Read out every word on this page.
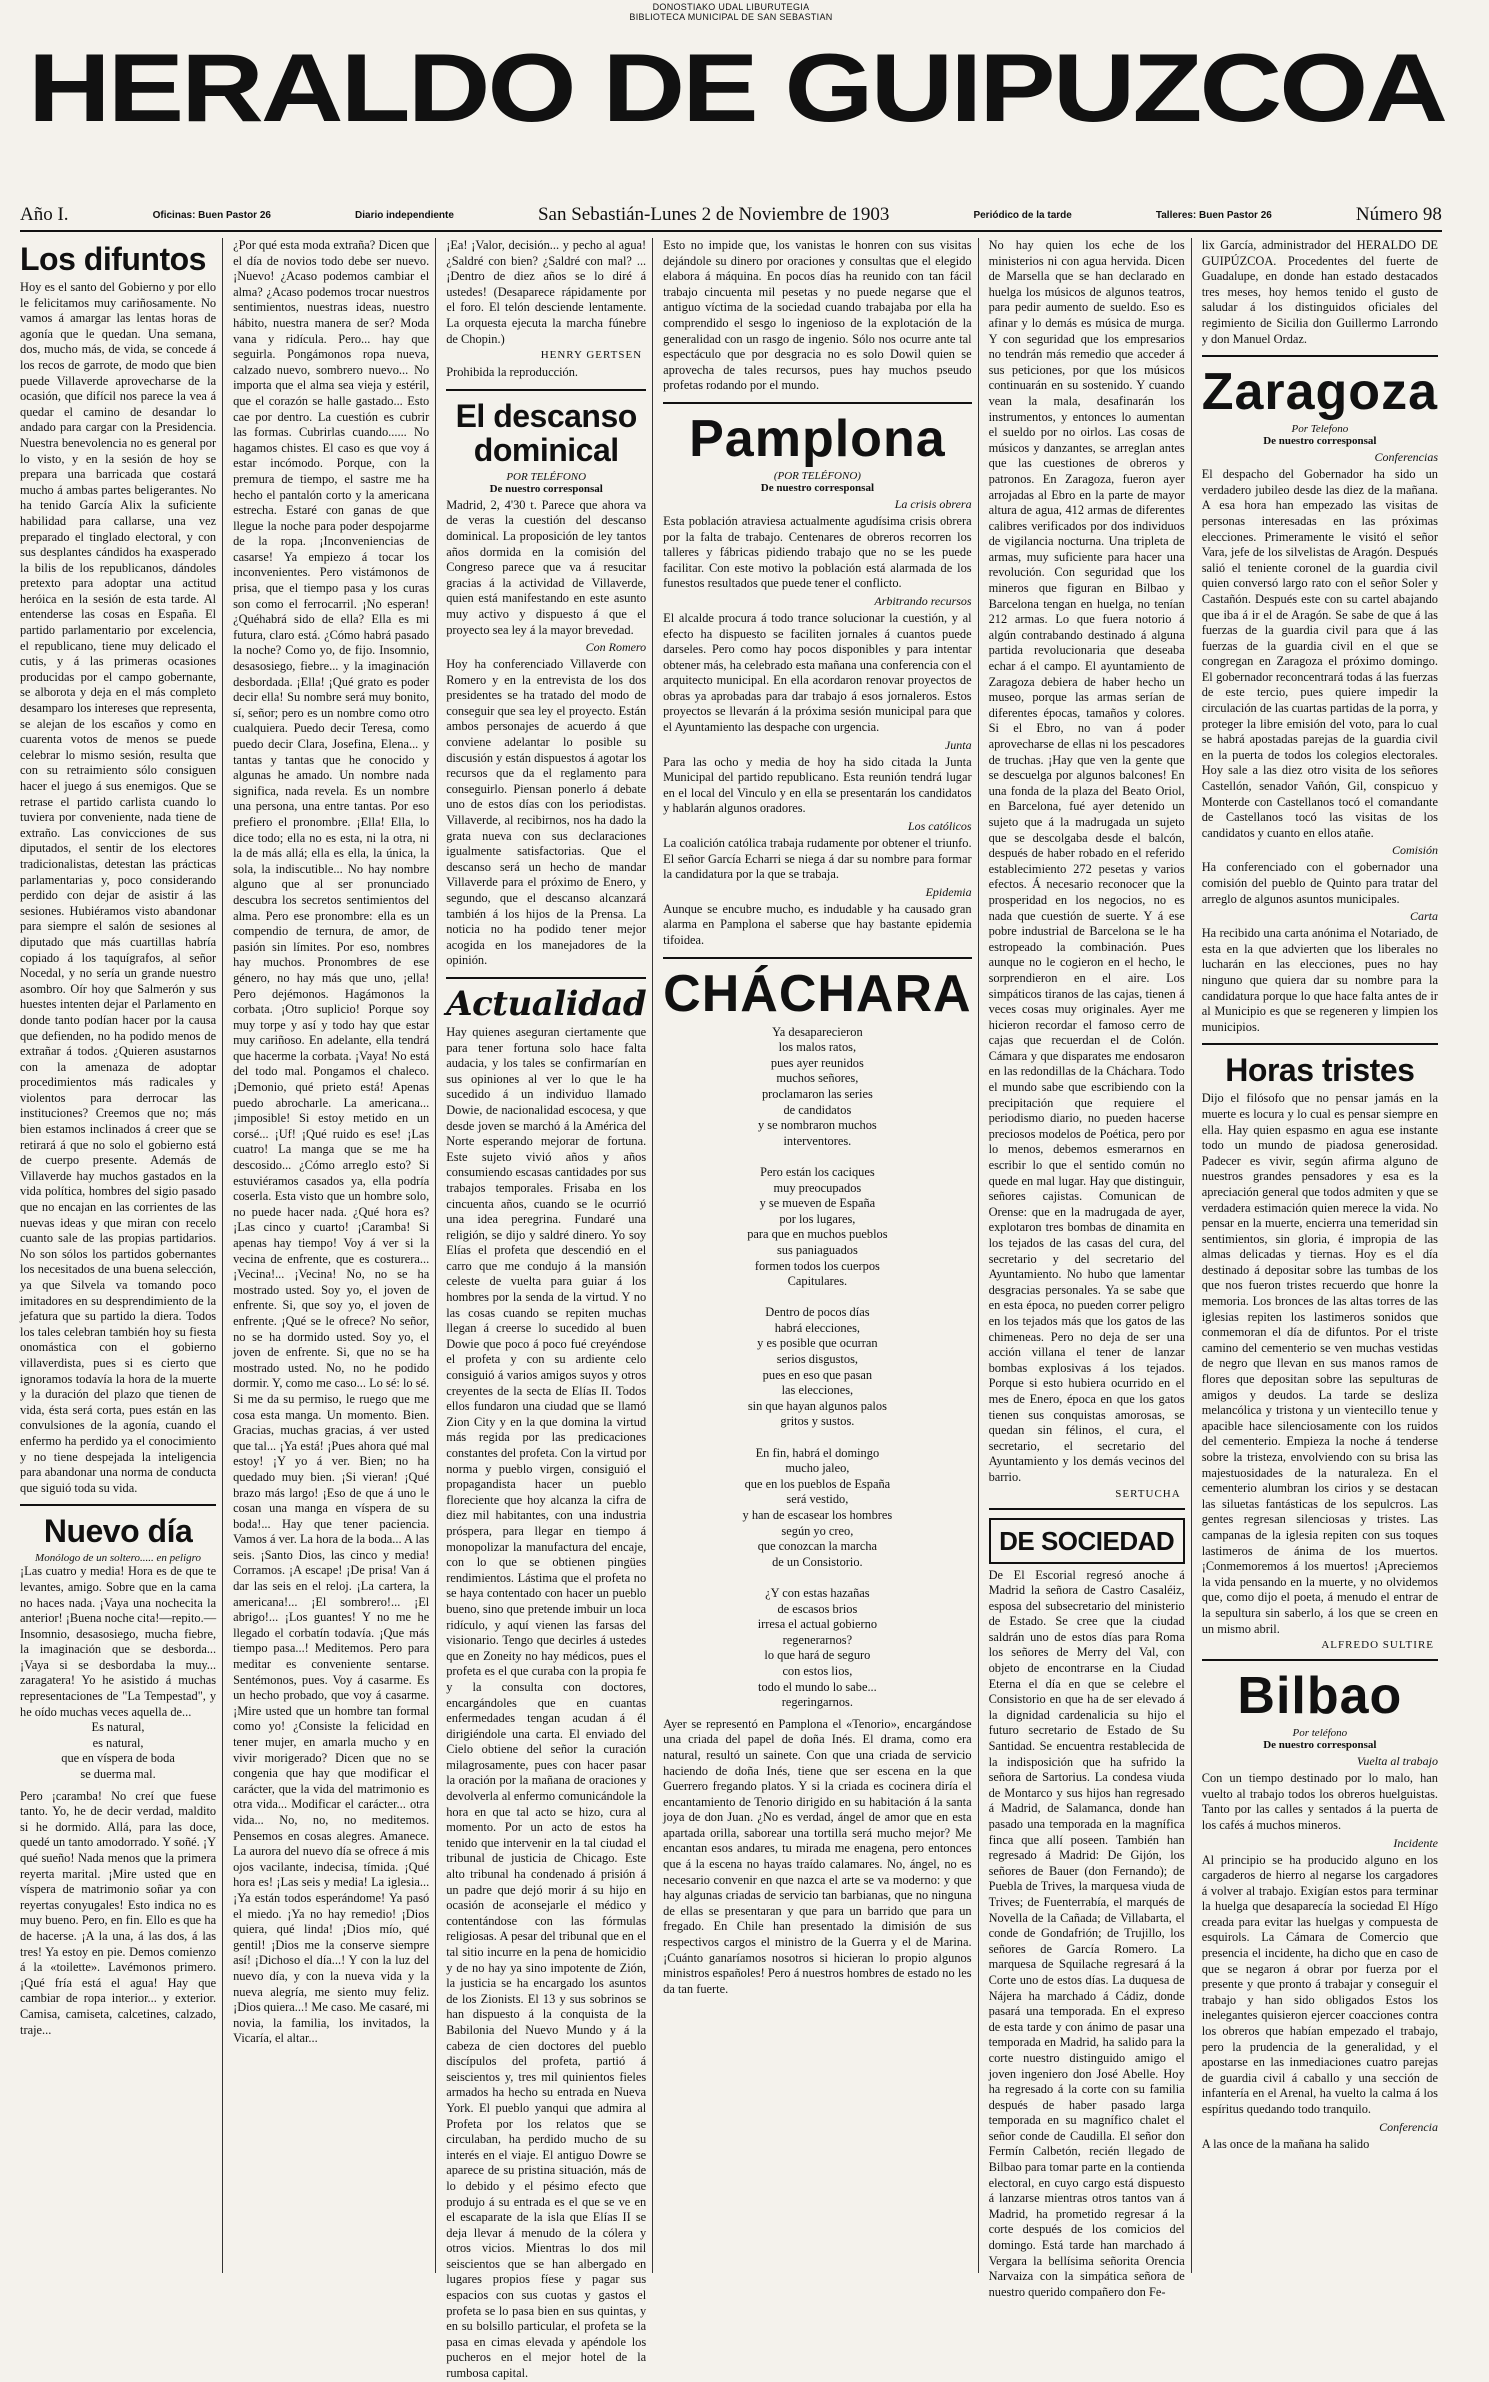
DONOSTIAKO UDAL LIBURUTEGIA
BIBLIOTECA MUNICIPAL DE SAN SEBASTIAN
HERALDO DE GUIPUZCOA
Año I.	Oficinas: Buen Pastor 26	Diario independiente	San Sebastián-Lunes 2 de Noviembre de 1903	Periódico de la tarde	Talleres: Buen Pastor 26	Número 98
Los difuntos
Hoy es el santo del Gobierno y por ello le felicitamos muy cariñosamente. No vamos á amargar las lentas horas de agonía que le quedan. Una semana, dos, mucho más, de vida, se concede á los recos de garrote, de modo que bien puede Villaverde aprovecharse de la ocasión, que difícil nos parece la vea á quedar el camino de desandar lo andado para cargar con la Presidencia. Nuestra benevolencia no es general por lo visto, y en la sesión de hoy se prepara una barricada que costará mucho á ambas partes beligerantes. No ha tenido García Alix la suficiente habilidad para callarse, una vez preparado el tinglado electoral, y con sus desplantes cándidos ha exasperado la bilis de los republicanos, dándoles pretexto para adoptar una actitud heróica en la sesión de esta tarde. Al entenderse las cosas en España. El partido parlamentario por excelencia, el republicano, tiene muy delicado el cutis, y á las primeras ocasiones producidas por el campo gobernante, se alborota y deja en el más completo desamparo los intereses que representa, se alejan de los escaños y como en cuarenta votos de menos se puede celebrar lo mismo sesión, resulta que con su retraimiento sólo consiguen hacer el juego á sus enemigos. Que se retrase el partido carlista cuando lo tuviera por conveniente, nada tiene de extraño. Las convicciones de sus diputados, el sentir de los electores tradicionalistas, detestan las prácticas parlamentarias y, poco considerando perdido con dejar de asistir á las sesiones. Hubiéramos visto abandonar para siempre el salón de sesiones al diputado que más cuartillas habría copiado á los taquígrafos, al señor Nocedal, y no sería un grande nuestro asombro. Oír hoy que Salmerón y sus huestes intenten dejar el Parlamento en donde tanto podían hacer por la causa que defienden, no ha podido menos de extrañar á todos. ¿Quieren asustarnos con la amenaza de adoptar procedimientos más radicales y violentos para derrocar las instituciones? Creemos que no; más bien estamos inclinados á creer que se retirará á que no solo el gobierno está de cuerpo presente. Además de Villaverde hay muchos gastados en la vida política, hombres del sigio pasado que no encajan en las corrientes de las nuevas ideas y que miran con recelo cuanto sale de las propias partidarios. No son sólos los partidos gobernantes los necesitados de una buena selección, ya que Silvela va tomando poco imitadores en su desprendimiento de la jefatura que su partido la diera. Todos los tales celebran también hoy su fiesta onomástica con el gobierno villaverdista, pues si es cierto que ignoramos todavía la hora de la muerte y la duración del plazo que tienen de vida, ésta será corta, pues están en las convulsiones de la agonía, cuando el enfermo ha perdido ya el conocimiento y no tiene despejada la inteligencia para abandonar una norma de conducta que siguió toda su vida.
Nuevo día

Monólogo de un soltero..... en peligro

¡Las cuatro y media! Hora es de que te levantes, amigo. Sobre que en la cama no haces nada. ¡Vaya una nochecita la anterior! ¡Buena noche cita!—repito.—Insomnio, desasosiego, mucha fiebre, la imaginación que se desborda... ¡Vaya si se desbordaba la muy... zaragatera! Yo he asistido á muchas representaciones de "La Tempestad", y he oído muchas veces aquella de...
Es natural,
es natural,
que en víspera de boda
se duerma mal.
Pero ¡caramba! No creí que fuese tanto. Yo, he de decir verdad, maldito si he dormido. Allá, para las doce, quedé un tanto amodorrado. Y soñé. ¡Y qué sueño! Nada menos que la primera reyerta marital. ¡Mire usted que en víspera de matrimonio soñar ya con reyertas conyugales! Esto indica no es muy bueno. Pero, en fin. Ello es que ha de hacerse. ¡A la una, á las dos, á las tres! Ya estoy en pie. Demos comienzo á la «toilette». Lavémonos primero. ¡Qué fría está el agua! Hay que cambiar de ropa interior... y exterior. Camisa, camiseta, calcetines, calzado, traje...
¿Por qué esta moda extraña? Dicen que el día de novios todo debe ser nuevo. ¡Nuevo! ¿Acaso podemos cambiar el alma? ¿Acaso podemos trocar nuestros sentimientos, nuestras ideas, nuestro hábito, nuestra manera de ser? Moda vana y ridícula. Pero... hay que seguirla. Pongámonos ropa nueva, calzado nuevo, sombrero nuevo... No importa que el alma sea vieja y estéril, que el corazón se halle gastado... Esto cae por dentro. La cuestión es cubrir las formas. Cubrirlas cuando...... No hagamos chistes. El caso es que voy á estar incómodo. Porque, con la premura de tiempo, el sastre me ha hecho el pantalón corto y la americana estrecha. Estaré con ganas de que llegue la noche para poder despojarme de la ropa. ¡Inconveniencias de casarse! Ya empiezo á tocar los inconvenientes. Pero vistámonos de prisa, que el tiempo pasa y los curas son como el ferrocarril. ¡No esperan! ¿Quéhabrá sido de ella? Ella es mi futura, claro está. ¿Cómo habrá pasado la noche? Como yo, de fijo. Insomnio, desasosiego, fiebre... y la imaginación desbordada. ¡Ella! ¡Qué grato es poder decir ella! Su nombre será muy bonito, sí, señor; pero es un nombre como otro cualquiera. Puedo decir Teresa, como puedo decir Clara, Josefina, Elena... y tantas y tantas que he conocido y algunas he amado. Un nombre nada significa, nada revela. Es un nombre una persona, una entre tantas. Por eso prefiero el pronombre. ¡Ella! Ella, lo dice todo; ella no es esta, ni la otra, ni la de más allá; ella es ella, la única, la sola, la indiscutible... No hay nombre alguno que al ser pronunciado descubra los secretos sentimientos del alma. Pero ese pronombre: ella es un compendio de ternura, de amor, de pasión sin límites. Por eso, nombres hay muchos. Pronombres de ese género, no hay más que uno, ¡ella! Pero dejémonos. Hagámonos la corbata. ¡Otro suplicio! Porque soy muy torpe y así y todo hay que estar muy cariñoso. En adelante, ella tendrá que hacerme la corbata. ¡Vaya! No está del todo mal. Pongamos el chaleco. ¡Demonio, qué prieto está! Apenas puedo abrocharle. La americana... ¡imposible! Si estoy metido en un corsé... ¡Uf! ¡Qué ruido es ese! ¡Las cuatro! La manga que se me ha descosido... ¿Cómo arreglo esto? Si estuviéramos casados ya, ella podría coserla. Esta visto que un hombre solo, no puede hacer nada. ¿Qué hora es? ¡Las cinco y cuarto! ¡Caramba! Si apenas hay tiempo! Voy á ver si la vecina de enfrente, que es costurera... ¡Vecina!... ¡Vecina! No, no se ha mostrado usted. Soy yo, el joven de enfrente. Si, que soy yo, el joven de enfrente. ¡Qué se le ofrece? No señor, no se ha dormido usted. Soy yo, el joven de enfrente. Si, que no se ha mostrado usted. No, no he podido dormir. Y, como me caso... Lo sé: lo sé. Si me da su permiso, le ruego que me cosa esta manga. Un momento. Bien. Gracias, muchas gracias, á ver usted que tal... ¡Ya está! ¡Pues ahora qué mal estoy! ¡Y yo á ver. Bien; no ha quedado muy bien. ¡Si vieran! ¡Qué brazo más largo! ¡Eso de que á uno le cosan una manga en víspera de su boda!... Hay que tener paciencia. Vamos á ver. La hora de la boda... A las seis. ¡Santo Dios, las cinco y media! Corramos. ¡A escape! ¡De prisa! Van á dar las seis en el reloj. ¡La cartera, la americana!... ¡El sombrero!... ¡El abrigo!... ¡Los guantes! Y no me he llegado el corbatín todavía. ¡Que más tiempo pasa...! Meditemos. Pero para meditar es conveniente sentarse. Sentémonos, pues. Voy á casarme. Es un hecho probado, que voy á casarme. ¡Mire usted que un hombre tan formal como yo! ¿Consiste la felicidad en tener mujer, en amarla mucho y en vivir morigerado? Dicen que no se congenia que hay que modificar el carácter, que la vida del matrimonio es otra vida... Modificar el carácter... otra vida... No, no, no meditemos. Pensemos en cosas alegres. Amanece. La aurora del nuevo día se ofrece á mis ojos vacilante, indecisa, tímida. ¡Qué hora es! ¡Las seis y media! La iglesia... ¡Ya están todos esperándome! Ya pasó el miedo. ¡Ya no hay remedio! ¡Dios quiera, qué linda! ¡Dios mío, qué gentil! ¡Dios me la conserve siempre así! ¡Dichoso el día...! Y con la luz del nuevo día, y con la nueva vida y la nueva alegría, me siento muy feliz. ¡Dios quiera...! Me caso. Me casaré, mi novia, la familia, los invitados, la Vicaría, el altar...
¡Ea! ¡Valor, decisión... y pecho al agua! ¿Saldré con bien? ¿Saldré con mal? ...¡Dentro de diez años se lo diré á ustedes! (Desaparece rápidamente por el foro. El telón desciende lentamente. La orquesta ejecuta la marcha fúnebre de Chopin.)
HENRY GERTSEN
Prohibida la reproducción.
El descanso dominical

POR TELÉFONO

De nuestro corresponsal

Madrid, 2, 4'30 t. Parece que ahora va de veras la cuestión del descanso dominical. La proposición de ley tantos años dormida en la comisión del Congreso parece que va á resucitar gracias á la actividad de Villaverde, quien está manifestando en este asunto muy activo y dispuesto á que el proyecto sea ley á la mayor brevedad.
Con Romero
Hoy ha conferenciado Villaverde con Romero y en la entrevista de los dos presidentes se ha tratado del modo de conseguir que sea ley el proyecto. Están ambos personajes de acuerdo á que conviene adelantar lo posible su discusión y están dispuestos á agotar los recursos que da el reglamento para conseguirlo. Piensan ponerlo á debate uno de estos días con los periodistas. Villaverde, al recibirnos, nos ha dado la grata nueva con sus declaraciones igualmente satisfactorias. Que el descanso será un hecho de mandar Villaverde para el próximo de Enero, y segundo, que el descanso alcanzará también á los hijos de la Prensa. La noticia no ha podido tener mejor acogida en los manejadores de la opinión.
Actualidad
Hay quienes aseguran ciertamente que para tener fortuna solo hace falta audacia, y los tales se confirmarían en sus opiniones al ver lo que le ha sucedido á un individuo llamado Dowie, de nacionalidad escocesa, y que desde joven se marchó á la América del Norte esperando mejorar de fortuna. Este sujeto vivió años y años consumiendo escasas cantidades por sus trabajos temporales. Frisaba en los cincuenta años, cuando se le ocurrió una idea peregrina. Fundaré una religión, se dijo y saldré dinero. Yo soy Elías el profeta que descendió en el carro que me condujo á la mansión celeste de vuelta para guiar á los hombres por la senda de la virtud. Y no las cosas cuando se repiten muchas llegan á creerse lo sucedido al buen Dowie que poco á poco fué creyéndose el profeta y con su ardiente celo consiguió á varios amigos suyos y otros creyentes de la secta de Elías II. Todos ellos fundaron una ciudad que se llamó Zion City y en la que domina la virtud más regida por las predicaciones constantes del profeta. Con la virtud por norma y pueblo virgen, consiguió el propagandista hacer un pueblo floreciente que hoy alcanza la cifra de diez mil habitantes, con una industria próspera, para llegar en tiempo á monopolizar la manufactura del encaje, con lo que se obtienen pingües rendimientos. Lástima que el profeta no se haya contentado con hacer un pueblo bueno, sino que pretende imbuir un loca ridículo, y aquí vienen las farsas del visionario. Tengo que decirles á ustedes que en Zoneity no hay médicos, pues el profeta es el que curaba con la propia fe y la consulta con doctores, encargándoles que en cuantas enfermedades tengan acudan á él dirigiéndole una carta. El enviado del Cielo obtiene del señor la curación milagrosamente, pues con hacer pasar la oración por la mañana de oraciones y devolverla al enfermo comunicándole la hora en que tal acto se hizo, cura al momento. Por un acto de estos ha tenido que intervenir en la tal ciudad el tribunal de justicia de Chicago. Este alto tribunal ha condenado á prisión á un padre que dejó morir á su hijo en ocasión de aconsejarle el médico y contentándose con las fórmulas religiosas. A pesar del tribunal que en el tal sitio incurre en la pena de homicidio y de no hay ya sino impotente de Zión, la justicia se ha encargado los asuntos de los Zionists. El 13 y sus sobrinos se han dispuesto á la conquista de la Babilonia del Nuevo Mundo y á la cabeza de cien doctores del pueblo discípulos del profeta, partió á seiscientos y, tres mil quinientos fieles armados ha hecho su entrada en Nueva York. El pueblo yanqui que admira al Profeta por los relatos que se circulaban, ha perdido mucho de su interés en el viaje. El antiguo Dowre se aparece de su pristina situación, más de lo debido y el pésimo efecto que produjo á su entrada es el que se ve en el escaparate de la isla que Elías II se deja llevar á menudo de la cólera y otros vicios. Mientras lo dos mil seiscientos que se han albergado en lugares propios fíese y pagar sus espacios con sus cuotas y gastos el profeta se lo pasa bien en sus quintas, y en su bolsillo particular, el profeta se la pasa en cimas elevada y apéndole los pucheros en el mejor hotel de la rumbosa capital.
Esto no impide que, los vanistas le honren con sus visitas dejándole su dinero por oraciones y consultas que el elegido elabora á máquina. En pocos días ha reunido con tan fácil trabajo cincuenta mil pesetas y no puede negarse que el antiguo víctima de la sociedad cuando trabajaba por ella ha comprendido el sesgo lo ingenioso de la explotación de la generalidad con un rasgo de ingenio. Sólo nos ocurre ante tal espectáculo que por desgracia no es solo Dowil quien se aprovecha de tales recursos, pues hay muchos pseudo profetas rodando por el mundo.
Pamplona

(POR TELÉFONO)

De nuestro corresponsal

La crisis obrera
Esta población atraviesa actualmente agudísima crisis obrera por la falta de trabajo. Centenares de obreros recorren los talleres y fábricas pidiendo trabajo que no se les puede facilitar. Con este motivo la población está alarmada de los funestos resultados que puede tener el conflicto.
Arbitrando recursos
El alcalde procura á todo trance solucionar la cuestión, y al efecto ha dispuesto se faciliten jornales á cuantos puede darseles. Pero como hay pocos disponibles y para intentar obtener más, ha celebrado esta mañana una conferencia con el arquitecto municipal. En ella acordaron renovar proyectos de obras ya aprobadas para dar trabajo á esos jornaleros. Estos proyectos se llevarán á la próxima sesión municipal para que el Ayuntamiento las despache con urgencia.
Junta
Para las ocho y media de hoy ha sido citada la Junta Municipal del partido republicano. Esta reunión tendrá lugar en el local del Vinculo y en ella se presentarán los candidatos y hablarán algunos oradores.
Los católicos
La coalición católica trabaja rudamente por obtener el triunfo. El señor García Echarri se niega á dar su nombre para formar la candidatura por la que se trabaja.
Epidemia
Aunque se encubre mucho, es indudable y ha causado gran alarma en Pamplona el saberse que hay bastante epidemia tifoidea.
CHÁCHARA
Ya desaparecieron
los malos ratos,
pues ayer reunidos
muchos señores,
proclamaron las series
de candidatos
y se nombraron muchos
interventores.

Pero están los caciques
muy preocupados
y se mueven de España
por los lugares,
para que en muchos pueblos
sus paniaguados
formen todos los cuerpos
Capitulares.

Dentro de pocos días
habrá elecciones,
y es posible que ocurran
serios disgustos,
pues en eso que pasan
las elecciones,
sin que hayan algunos palos
gritos y sustos.

En fin, habrá el domingo
mucho jaleo,
que en los pueblos de España
será vestido,
y han de escasear los hombres
según yo creo,
que conozcan la marcha
de un Consistorio.

¿Y con estas hazañas
de escasos brios
irresa el actual gobierno
regenerarnos?
lo que hará de seguro
con estos lios,
todo el mundo lo sabe...
regeringarnos.
Ayer se representó en Pamplona el «Tenorio», encargándose una criada del papel de doña Inés. El drama, como era natural, resultó un sainete. Con que una criada de servicio haciendo de doña Inés, tiene que ser escena en la que Guerrero fregando platos. Y si la criada es cocinera diría el encantamiento de Tenorio dirigido en su habitación á la santa joya de don Juan. ¿No es verdad, ángel de amor que en esta apartada orilla, saborear una tortilla será mucho mejor? Me encantan esos andares, tu mirada me enagena, pero entonces que á la escena no hayas traído calamares. No, ángel, no es necesario convenir en que nazca el arte se va moderno: y que hay algunas criadas de servicio tan barbianas, que no ninguna de ellas se presentaran y que para un barrido que para un fregado. En Chile han presentado la dimisión de sus respectivos cargos el ministro de la Guerra y el de Marina. ¡Cuánto ganaríamos nosotros si hicieran lo propio algunos ministros españoles! Pero á nuestros hombres de estado no les da tan fuerte.
No hay quien los eche de los ministerios ni con agua hervida. Dicen de Marsella que se han declarado en huelga los músicos de algunos teatros, para pedir aumento de sueldo. Eso es afinar y lo demás es música de murga. Y con seguridad que los empresarios no tendrán más remedio que acceder á sus peticiones, por que los músicos continuarán en su sostenido. Y cuando vean la mala, desafinarán los instrumentos, y entonces lo aumentan el sueldo por no oirlos. Las cosas de músicos y danzantes, se arreglan antes que las cuestiones de obreros y patronos. En Zaragoza, fueron ayer arrojadas al Ebro en la parte de mayor altura de agua, 412 armas de diferentes calibres verificados por dos individuos de vigilancia nocturna. Una tripleta de armas, muy suficiente para hacer una revolución. Con seguridad que los mineros que figuran en Bilbao y Barcelona tengan en huelga, no tenían 212 armas. Lo que fuera notorio á algún contrabando destinado á alguna partida revolucionaria que deseaba echar á el campo. El ayuntamiento de Zaragoza debiera de haber hecho un museo, porque las armas serían de diferentes épocas, tamaños y colores. Si el Ebro, no van á poder aprovecharse de ellas ni los pescadores de truchas. ¡Hay que ven la gente que se descuelga por algunos balcones! En una fonda de la plaza del Beato Oriol, en Barcelona, fué ayer detenido un sujeto que á la madrugada un sujeto que se descolgaba desde el balcón, después de haber robado en el referido establecimiento 272 pesetas y varios efectos. Á necesario reconocer que la prosperidad en los negocios, no es nada que cuestión de suerte. Y á ese pobre industrial de Barcelona se le ha estropeado la combinación. Pues aunque no le cogieron en el hecho, le sorprendieron en el aire. Los simpáticos tiranos de las cajas, tienen á veces cosas muy originales. Ayer me hicieron recordar el famoso cerro de cajas que recuerdan el de Colón. Cámara y que disparates me endosaron en las redondillas de la Cháchara. Todo el mundo sabe que escribiendo con la precipitación que requiere el periodismo diario, no pueden hacerse preciosos modelos de Poética, pero por lo menos, debemos esmerarnos en escribir lo que el sentido común no quede en mal lugar. Hay que distinguir, señores cajistas. Comunican de Orense: que en la madrugada de ayer, explotaron tres bombas de dinamita en los tejados de las casas del cura, del secretario y del secretario del Ayuntamiento. No hubo que lamentar desgracias personales. Ya se sabe que en esta época, no pueden correr peligro en los tejados más que los gatos de las chimeneas. Pero no deja de ser una acción villana el tener de lanzar bombas explosivas á los tejados. Porque si esto hubiera ocurrido en el mes de Enero, época en que los gatos tienen sus conquistas amorosas, se quedan sin félinos, el cura, el secretario, el secretario del Ayuntamiento y los demás vecinos del barrio.
SERTUCHA
DE SOCIEDAD
De El Escorial regresó anoche á Madrid la señora de Castro Casaléiz, esposa del subsecretario del ministerio de Estado. Se cree que la ciudad saldrán uno de estos días para Roma los señores de Merry del Val, con objeto de encontrarse en la Ciudad Eterna el día en que se celebre el Consistorio en que ha de ser elevado á la dignidad cardenalicia su hijo el futuro secretario de Estado de Su Santidad. Se encuentra restablecida de la indisposición que ha sufrido la señora de Sartorius. La condesa viuda de Montarco y sus hijos han regresado á Madrid, de Salamanca, donde han pasado una temporada en la magnífica finca que allí poseen. También han regresado á Madrid: De Gijón, los señores de Bauer (don Fernando); de Puebla de Trives, la marquesa viuda de Trives; de Fuenterrabía, el marqués de Novella de la Cañada; de Villabarta, el conde de Gondafrión; de Trujillo, los señores de García Romero. La marquesa de Squilache regresará á la Corte uno de estos días. La duquesa de Nájera ha marchado á Cádiz, donde pasará una temporada. En el expreso de esta tarde y con ánimo de pasar una temporada en Madrid, ha salido para la corte nuestro distinguido amigo el joven ingeniero don José Abelle. Hoy ha regresado á la corte con su familia después de haber pasado larga temporada en su magnífico chalet el señor conde de Caudilla. El señor don Fermín Calbetón, recién llegado de Bilbao para tomar parte en la contienda electoral, en cuyo cargo está dispuesto á lanzarse mientras otros tantos van á Madrid, ha prometido regresar á la corte después de los comicios del domingo. Está tarde han marchado á Vergara la bellísima señorita Orencia Narvaiza con la simpática señora de nuestro querido compañero don Fe-
lix García, administrador del HERALDO DE GUIPÚZCOA. Procedentes del fuerte de Guadalupe, en donde han estado destacados tres meses, hoy hemos tenido el gusto de saludar á los distinguidos oficiales del regimiento de Sicilia don Guillermo Larrondo y don Manuel Ordaz.
Zaragoza

Por Telefono

De nuestro corresponsal

Conferencias
El despacho del Gobernador ha sido un verdadero jubileo desde las diez de la mañana. A esa hora han empezado las visitas de personas interesadas en las próximas elecciones. Primeramente le visitó el señor Vara, jefe de los silvelistas de Aragón. Después salió el teniente coronel de la guardia civil quien conversó largo rato con el señor Soler y Castañón. Después este con su cartel abajando que iba á ir el de Aragón. Se sabe de que á las fuerzas de la guardia civil para que á las fuerzas de la guardia civil en el que se congregan en Zaragoza el próximo domingo. El gobernador reconcentrará todas á las fuerzas de este tercio, pues quiere impedir la circulación de las cuartas partidas de la porra, y proteger la libre emisión del voto, para lo cual se habrá apostadas parejas de la guardia civil en la puerta de todos los colegios electorales. Hoy sale a las diez otro visita de los señores Castellón, senador Vañón, Gil, conspicuo y Monterde con Castellanos tocó el comandante de Castellanos tocó las visitas de los candidatos y cuanto en ellos atañe.
Comisión
Ha conferenciado con el gobernador una comisión del pueblo de Quinto para tratar del arreglo de algunos asuntos municipales.
Carta
Ha recibido una carta anónima el Notariado, de esta en la que advierten que los liberales no lucharán en las elecciones, pues no hay ninguno que quiera dar su nombre para la candidatura porque lo que hace falta antes de ir al Municipio es que se regeneren y limpien los municipios.
Horas tristes
Dijo el filósofo que no pensar jamás en la muerte es locura y lo cual es pensar siempre en ella. Hay quien espasmo en agua ese instante todo un mundo de piadosa generosidad. Padecer es vivir, según afirma alguno de nuestros grandes pensadores y esa es la apreciación general que todos admiten y que se verdadera estimación quien merece la vida. No pensar en la muerte, encierra una temeridad sin sentimientos, sin gloria, é impropia de las almas delicadas y tiernas. Hoy es el día destinado á depositar sobre las tumbas de los que nos fueron tristes recuerdo que honre la memoria. Los bronces de las altas torres de las iglesias repiten los lastimeros sonidos que conmemoran el día de difuntos. Por el triste camino del cementerio se ven muchas vestidas de negro que llevan en sus manos ramos de flores que depositan sobre las sepulturas de amigos y deudos. La tarde se desliza melancólica y tristona y un vientecillo tenue y apacible hace silenciosamente con los ruidos del cementerio. Empieza la noche á tenderse sobre la tristeza, envolviendo con su brisa las majestuosidades de la naturaleza. En el cementerio alumbran los cirios y se destacan las siluetas fantásticas de los sepulcros. Las gentes regresan silenciosas y tristes. Las campanas de la iglesia repiten con sus toques lastimeros de ánima de los muertos. ¡Conmemoremos á los muertos! ¡Apreciemos la vida pensando en la muerte, y no olvidemos que, como dijo el poeta, á menudo el entrar de la sepultura sin saberlo, á los que se creen en un mismo abril.
ALFREDO SULTIRE
Bilbao

Por teléfono

De nuestro corresponsal

Vuelta al trabajo
Con un tiempo destinado por lo malo, han vuelto al trabajo todos los obreros huelguistas. Tanto por las calles y sentados á la puerta de los cafés á muchos mineros.
Incidente
Al principio se ha producido alguno en los cargaderos de hierro al negarse los cargadores á volver al trabajo. Exigían estos para terminar la huelga que desaparecía la sociedad El Hígo creada para evitar las huelgas y compuesta de esquirols. La Cámara de Comercio que presencia el incidente, ha dicho que en caso de que se negaron á obrar por fuerza por el presente y que pronto á trabajar y conseguir el trabajo y han sido obligados Estos los inelegantes quisieron ejercer coacciones contra los obreros que habían empezado el trabajo, pero la prudencia de la generalidad, y el apostarse en las inmediaciones cuatro parejas de guardia civil á caballo y una sección de infantería en el Arenal, ha vuelto la calma á los espíritus quedando todo tranquilo.
Conferencia
A las once de la mañana ha salido
